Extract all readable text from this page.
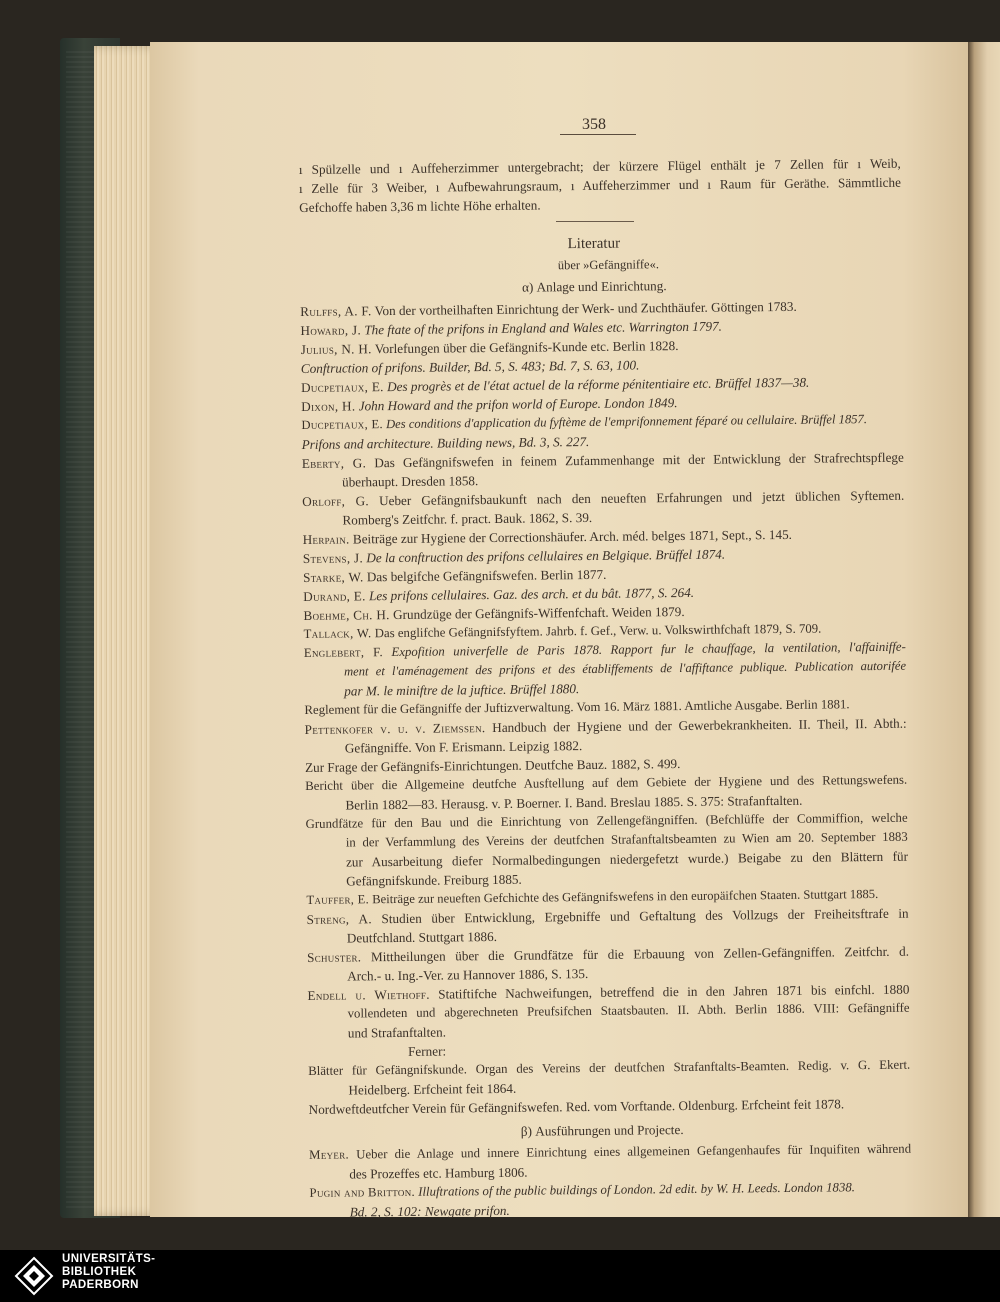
358
ı Spülzelle und ı Auffeherzimmer untergebracht; der kürzere Flügel enthält je 7 Zellen für ı Weib,
ı Zelle für 3 Weiber, ı Aufbewahrungsraum, ı Auffeherzimmer und ı Raum für Geräthe. Sämmtliche
Gefchoffe haben 3,36 m lichte Höhe erhalten.
Literatur
über »Gefängniffe«.
α) Anlage und Einrichtung.
Rulffs, A. F. Von der vortheilhaften Einrichtung der Werk- und Zuchthäufer. Göttingen 1783.
Howard, J. The ftate of the prifons in England and Wales etc. Warrington 1797.
Julius, N. H. Vorlefungen über die Gefängnifs-Kunde etc. Berlin 1828.
Conftruction of prifons. Builder, Bd. 5, S. 483; Bd. 7, S. 63, 100.
Ducpetiaux, E. Des progrès et de l'état actuel de la réforme pénitentiaire etc. Brüffel 1837—38.
Dixon, H. John Howard and the prifon world of Europe. London 1849.
Ducpetiaux, E. Des conditions d'application du fyftème de l'emprifonnement féparé ou cellulaire. Brüffel 1857.
Prifons and architecture. Building news, Bd. 3, S. 227.
Eberty, G. Das Gefängnifswefen in feinem Zufammenhange mit der Entwicklung der Strafrechtspflege
überhaupt. Dresden 1858.
Orloff, G. Ueber Gefängnifsbaukunft nach den neueften Erfahrungen und jetzt üblichen Syftemen.
Romberg's Zeitfchr. f. pract. Bauk. 1862, S. 39.
Herpain. Beiträge zur Hygiene der Correctionshäufer. Arch. méd. belges 1871, Sept., S. 145.
Stevens, J. De la conftruction des prifons cellulaires en Belgique. Brüffel 1874.
Starke, W. Das belgifche Gefängnifswefen. Berlin 1877.
Durand, E. Les prifons cellulaires. Gaz. des arch. et du bât. 1877, S. 264.
Boehme, Ch. H. Grundzüge der Gefängnifs-Wiffenfchaft. Weiden 1879.
Tallack, W. Das englifche Gefängnifsfyftem. Jahrb. f. Gef., Verw. u. Volkswirthfchaft 1879, S. 709.
Englebert, F. Expofition univerfelle de Paris 1878. Rapport fur le chauffage, la ventilation, l'affainiffe-
ment et l'aménagement des prifons et des établiffements de l'affiftance publique. Publication autorifée
par M. le miniftre de la juftice. Brüffel 1880.
Reglement für die Gefängniffe der Juftizverwaltung. Vom 16. März 1881. Amtliche Ausgabe. Berlin 1881.
Pettenkofer v. u. v. Ziemssen. Handbuch der Hygiene und der Gewerbekrankheiten. II. Theil, II. Abth.:
Gefängniffe. Von F. Erismann. Leipzig 1882.
Zur Frage der Gefängnifs-Einrichtungen. Deutfche Bauz. 1882, S. 499.
Bericht über die Allgemeine deutfche Ausftellung auf dem Gebiete der Hygiene und des Rettungswefens.
Berlin 1882—83. Herausg. v. P. Boerner. I. Band. Breslau 1885. S. 375: Strafanftalten.
Grundfätze für den Bau und die Einrichtung von Zellengefängniffen. (Befchlüffe der Commiffion, welche
in der Verfammlung des Vereins der deutfchen Strafanftaltsbeamten zu Wien am 20. September 1883
zur Ausarbeitung diefer Normalbedingungen niedergefetzt wurde.) Beigabe zu den Blättern für
Gefängnifskunde. Freiburg 1885.
Tauffer, E. Beiträge zur neueften Gefchichte des Gefängnifswefens in den europäifchen Staaten. Stuttgart 1885.
Streng, A. Studien über Entwicklung, Ergebniffe und Geftaltung des Vollzugs der Freiheitsftrafe in
Deutfchland. Stuttgart 1886.
Schuster. Mittheilungen über die Grundfätze für die Erbauung von Zellen-Gefängniffen. Zeitfchr. d.
Arch.- u. Ing.-Ver. zu Hannover 1886, S. 135.
Endell u. Wiethoff. Statiftifche Nachweifungen, betreffend die in den Jahren 1871 bis einfchl. 1880
vollendeten und abgerechneten Preufsifchen Staatsbauten. II. Abth. Berlin 1886. VIII: Gefängniffe
und Strafanftalten.
Ferner:
Blätter für Gefängnifskunde. Organ des Vereins der deutfchen Strafanftalts-Beamten. Redig. v. G. Ekert.
Heidelberg. Erfcheint feit 1864.
Nordweftdeutfcher Verein für Gefängnifswefen. Red. vom Vorftande. Oldenburg. Erfcheint feit 1878.
β) Ausführungen und Projecte.
Meyer. Ueber die Anlage und innere Einrichtung eines allgemeinen Gefangenhaufes für Inquifiten während
des Prozeffes etc. Hamburg 1806.
Pugin and Britton. Illuftrations of the public buildings of London. 2d edit. by W. H. Leeds. London 1838.
Bd. 2, S. 102: Newgate prifon.
UNIVERSITÄTS-
BIBLIOTHEK
PADERBORN
